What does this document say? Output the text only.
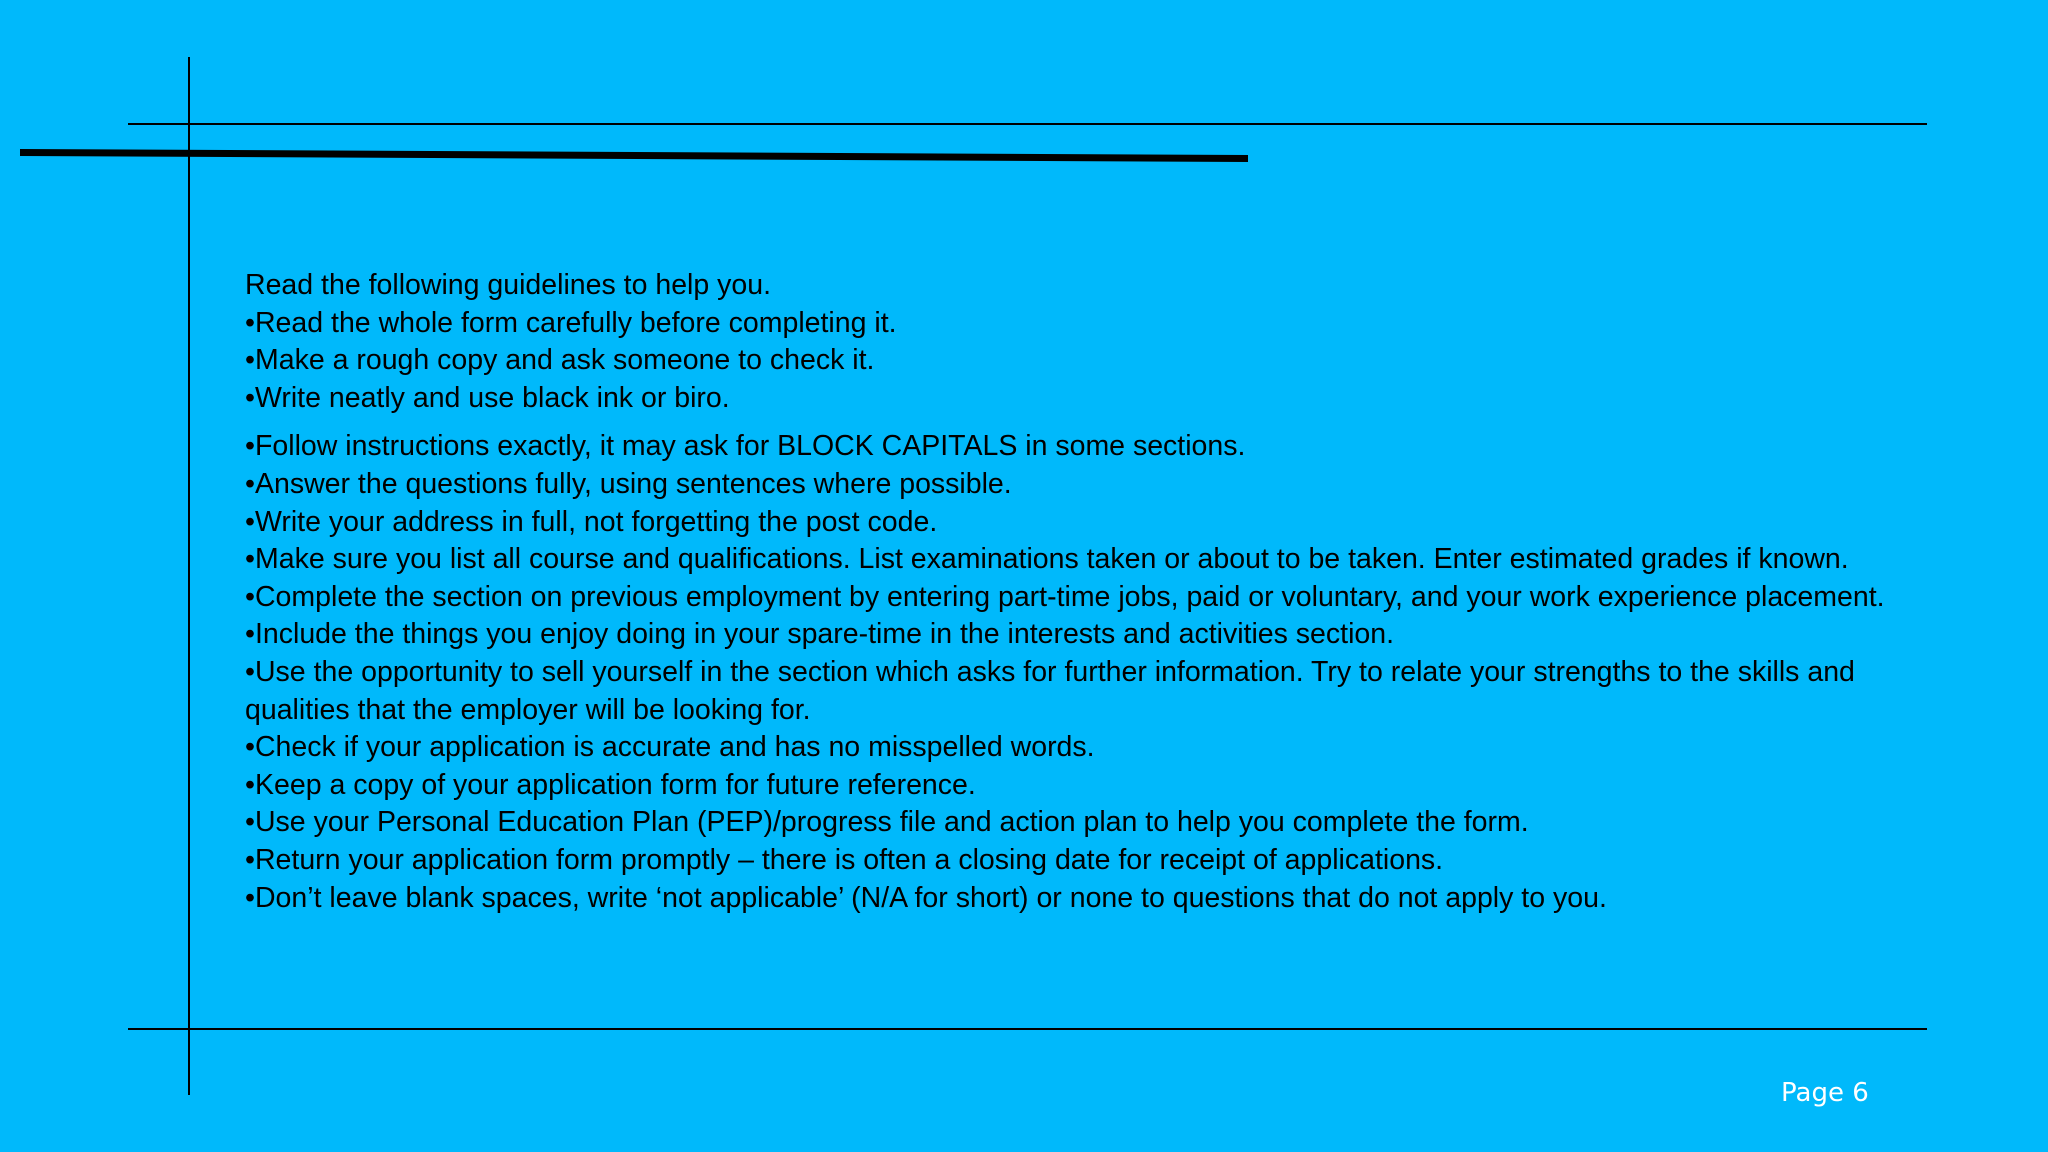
Read the following guidelines to help you.

•Read the whole form carefully before completing it.

•Make a rough copy and ask someone to check it.

•Write neatly and use black ink or biro.

•Follow instructions exactly, it may ask for BLOCK CAPITALS in some sections.

•Answer the questions fully, using sentences where possible.

•Write your address in full, not forgetting the post code.

•Make sure you list all course and qualifications. List examinations taken or about to be taken. Enter estimated grades if known.

•Complete the section on previous employment by entering part-time jobs, paid or voluntary, and your work experience placement.

•Include the things you enjoy doing in your spare-time in the interests and activities section.

•Use the opportunity to sell yourself in the section which asks for further information. Try to relate your strengths to the skills and qualities that the employer will be looking for.

•Check if your application is accurate and has no misspelled words.

•Keep a copy of your application form for future reference.

•Use your Personal Education Plan (PEP)/progress file and action plan to help you complete the form.

•Return your application form promptly – there is often a closing date for receipt of applications.

•Don’t leave blank spaces, write ‘not applicable’ (N/A for short) or none to questions that do not apply to you.

Page 6
